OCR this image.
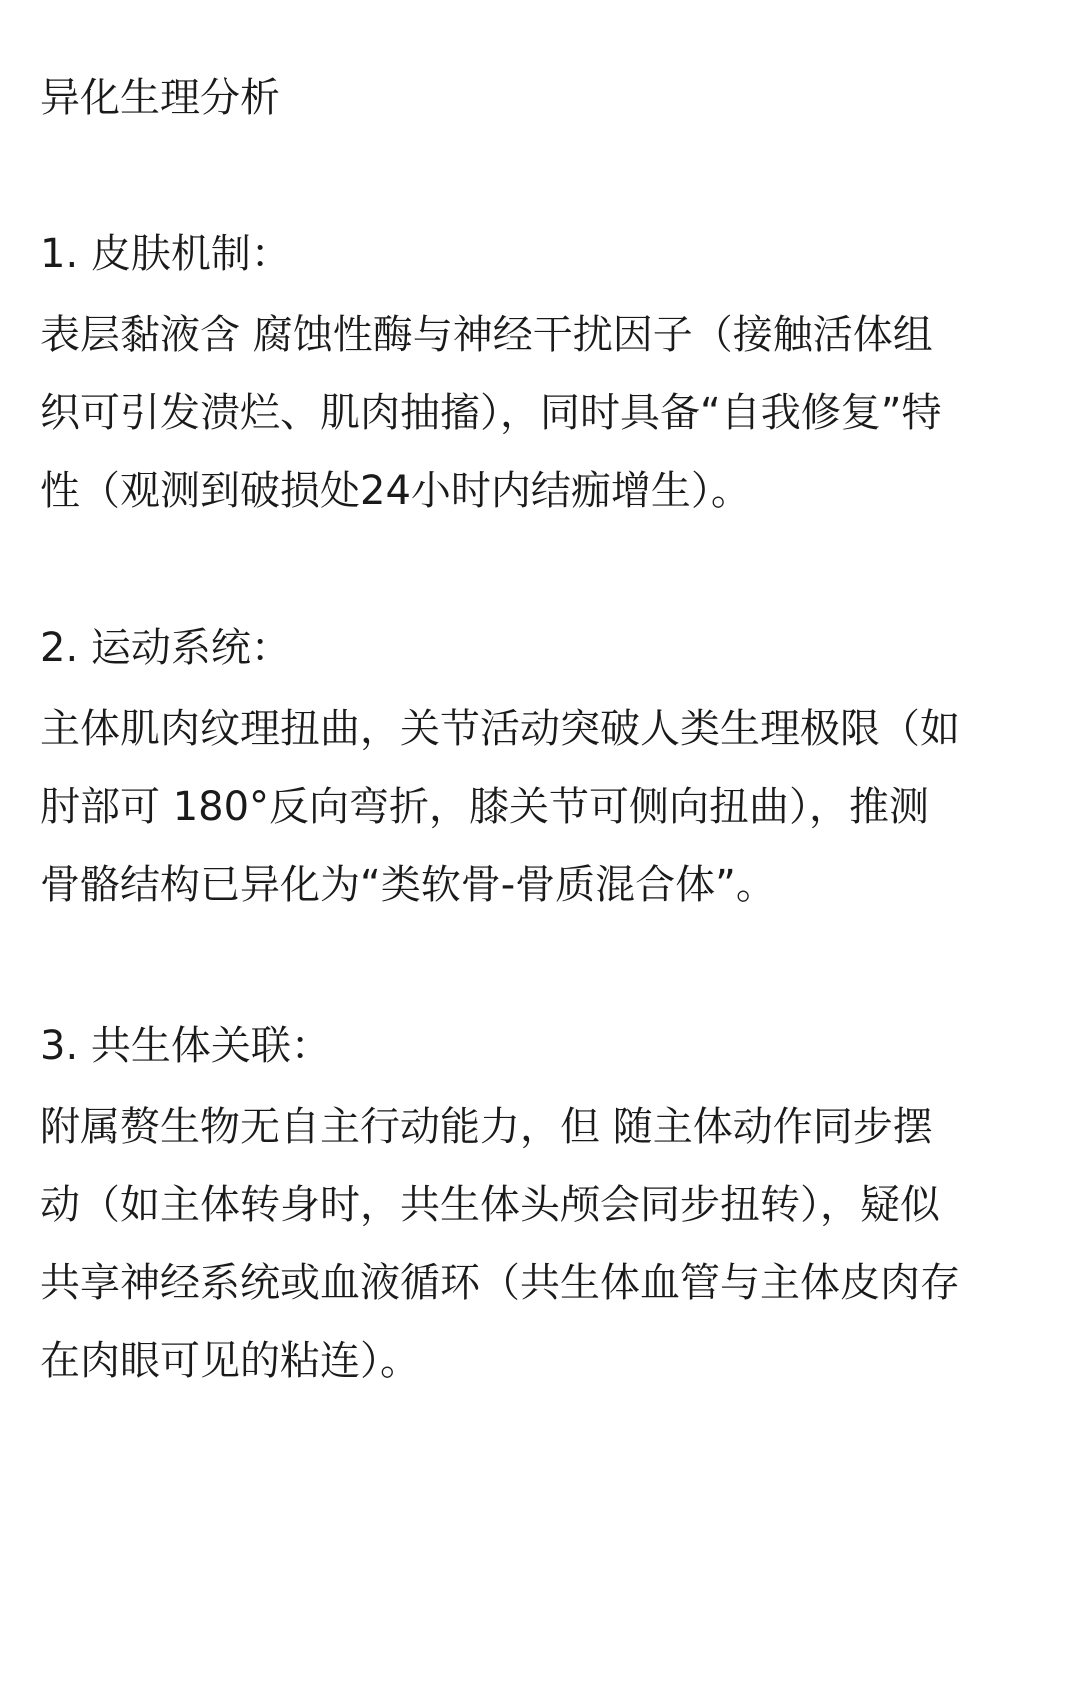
异化生理分析

1. 皮肤机制：

表层黏液含 腐蚀性酶与神经干扰因子（接触活体组织可引发溃烂、肌肉抽搐），同时具备“自我修复”特性（观测到破损处24小时内结痂增生）。

2. 运动系统：

主体肌肉纹理扭曲，关节活动突破人类生理极限（如肘部可 180°反向弯折，膝关节可侧向扭曲），推测骨骼结构已异化为“类软骨-骨质混合体”。

3. 共生体关联：

附属赘生物无自主行动能力，但 随主体动作同步摆动（如主体转身时，共生体头颅会同步扭转），疑似共享神经系统或血液循环（共生体血管与主体皮肉存在肉眼可见的粘连）。
